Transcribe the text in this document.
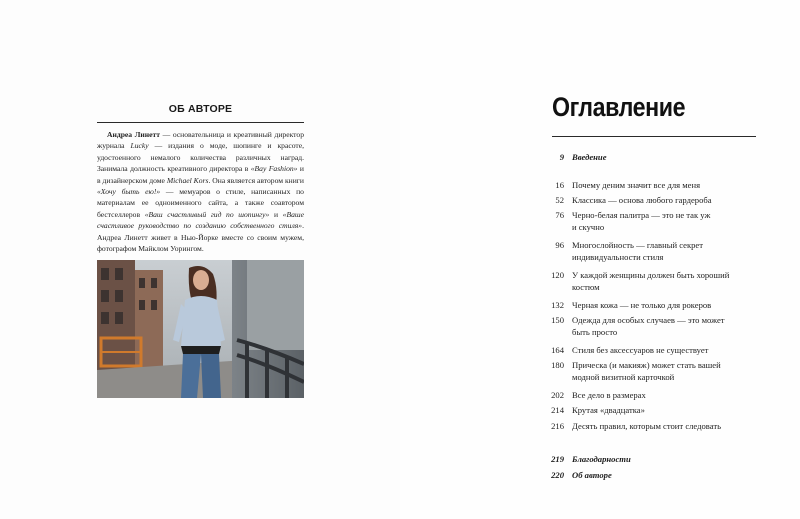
ОБ АВТОРЕ

Андреа Линетт — основательница и креативный директор журнала Lucky — издания о моде, шопинге и красоте, удостоенного немалого количества различных наград. Занимала должность креативного директора в «Bay Fashion» и в дизайнерском доме Michael Kors. Она является автором книги «Хочу быть ею!» — мемуаров о стиле, написанных по материалам ее одноименного сайта, а также соавтором бестселлеров «Ваш счастливый гид по шопингу» и «Ваше счастливое руководство по созданию собственного стиля». Андреа Линетт живет в Нью-Йорке вместе со своим мужем, фотографом Майклом Уорингом.

Оглавление
9 Введение
16 Почему деним значит все для меня
52 Классика — основа любого гардероба
76 Черно-белая палитра — это не так уж
и скучно
96 Многослойность — главный секрет
индивидуальности стиля
120 У каждой женщины должен быть хороший
костюм
132 Черная кожа — не только для рокеров
150 Одежда для особых случаев — это может
быть просто
164 Стиля без аксессуаров не существует
180 Прическа (и макияж) может стать вашей
модной визитной карточкой
202 Все дело в размерах
214 Крутая «двадцатка»
216 Десять правил, которым стоит следовать
219 Благодарности
220 Об авторе
